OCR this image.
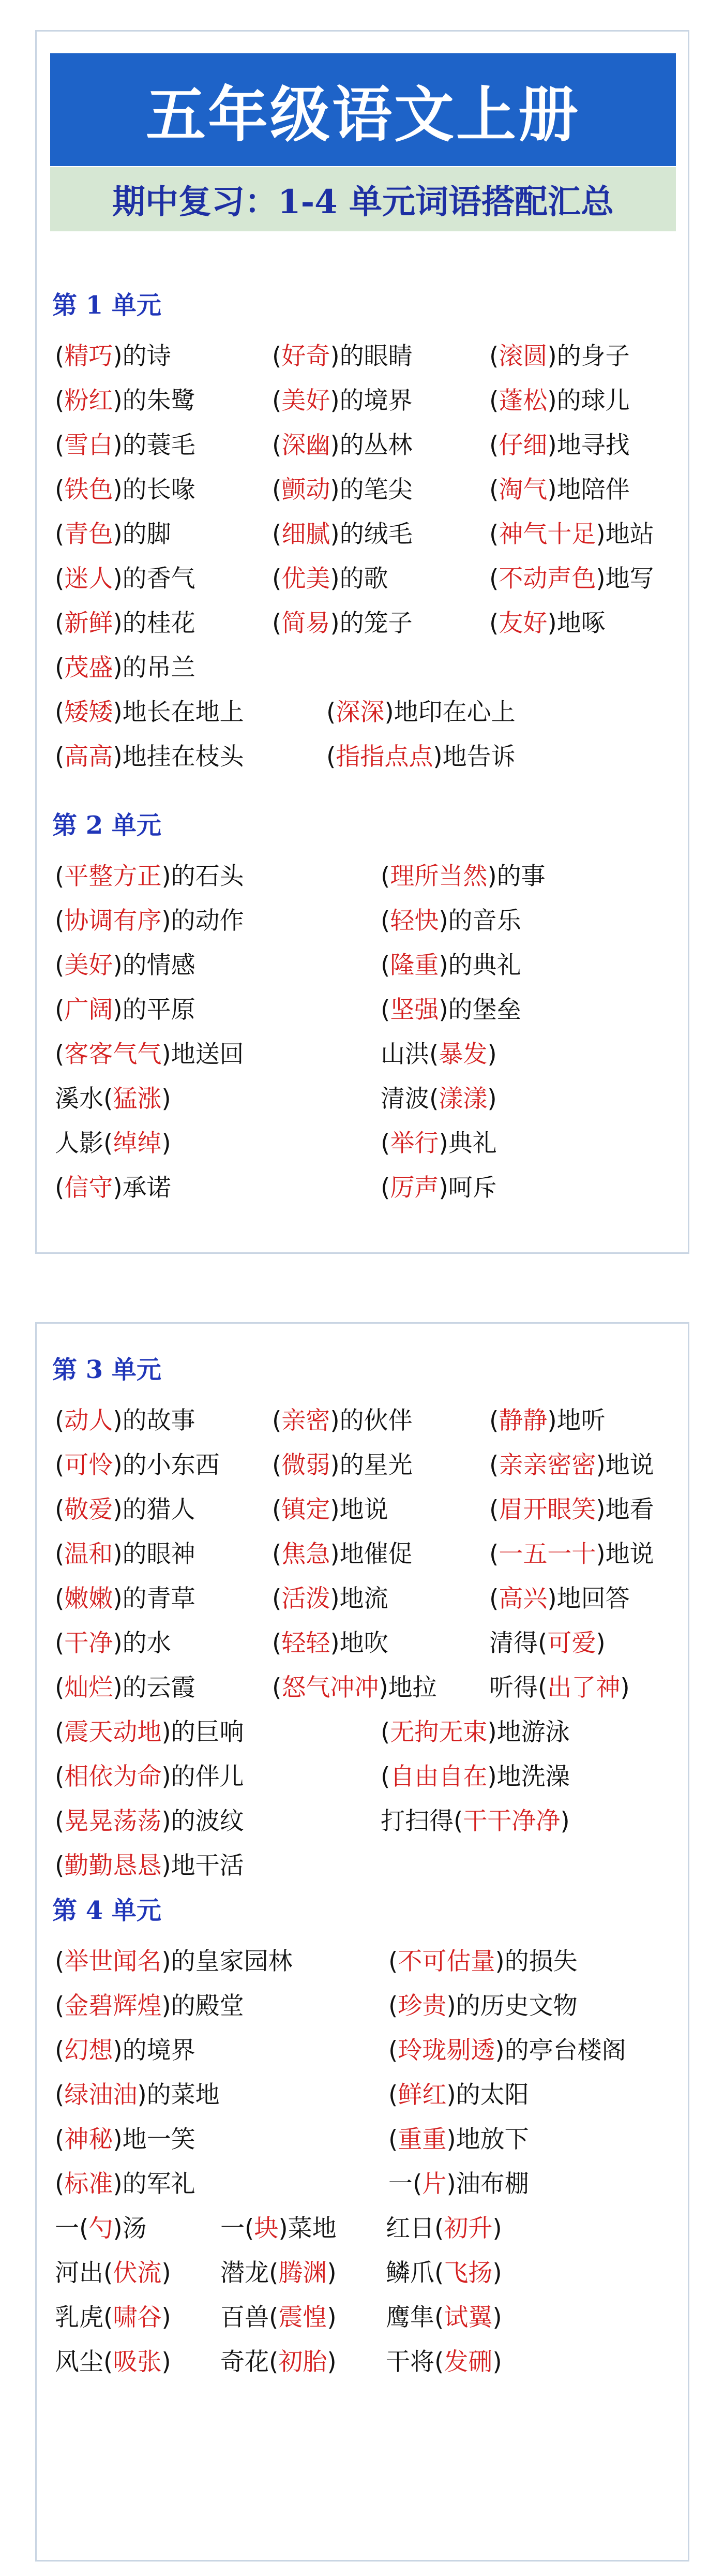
五年级语文上册
期中复习：1-4 单元词语搭配汇总
第 1 单元
(精巧)的诗	(好奇)的眼睛	(滚圆)的身子
(粉红)的朱鹭	(美好)的境界	(蓬松)的球儿
(雪白)的蓑毛	(深幽)的丛林	(仔细)地寻找
(铁色)的长喙	(颤动)的笔尖	(淘气)地陪伴
(青色)的脚	(细腻)的绒毛	(神气十足)地站
(迷人)的香气	(优美)的歌	(不动声色)地写
(新鲜)的桂花	(简易)的笼子	(友好)地啄
(茂盛)的吊兰
(矮矮)地长在地上	(深深)地印在心上
(高高)地挂在枝头	(指指点点)地告诉
第 2 单元
(平整方正)的石头	(理所当然)的事
(协调有序)的动作	(轻快)的音乐
(美好)的情感	(隆重)的典礼
(广阔)的平原	(坚强)的堡垒
(客客气气)地送回	山洪(暴发)
溪水(猛涨)	清波(漾漾)
人影(绰绰)	(举行)典礼
(信守)承诺	(厉声)呵斥
第 3 单元
(动人)的故事	(亲密)的伙伴	(静静)地听
(可怜)的小东西 (微弱)的星光	(亲亲密密)地说
(敬爱)的猎人	(镇定)地说	(眉开眼笑)地看
(温和)的眼神	(焦急)地催促	(一五一十)地说
(嫩嫩)的青草	(活泼)地流	(高兴)地回答
(干净)的水	(轻轻)地吹	清得(可爱)
(灿烂)的云霞	(怒气冲冲)地拉 听得(出了神)
(震天动地)的巨响	(无拘无束)地游泳
(相依为命)的伴儿	(自由自在)地洗澡
(晃晃荡荡)的波纹	打扫得(干干净净)
(勤勤恳恳)地干活
第 4 单元
(举世闻名)的皇家园林	(不可估量)的损失
(金碧辉煌)的殿堂	(珍贵)的历史文物
(幻想)的境界	(玲珑剔透)的亭台楼阁
(绿油油)的菜地	(鲜红)的太阳
(神秘)地一笑	(重重)地放下
(标准)的军礼	一(片)油布棚
一(勺)汤	一(块)菜地 红日(初升)
河出(伏流) 潜龙(腾渊) 鳞爪(飞扬)
乳虎(啸谷) 百兽(震惶) 鹰隼(试翼)
风尘(吸张) 奇花(初胎) 干将(发硎)
